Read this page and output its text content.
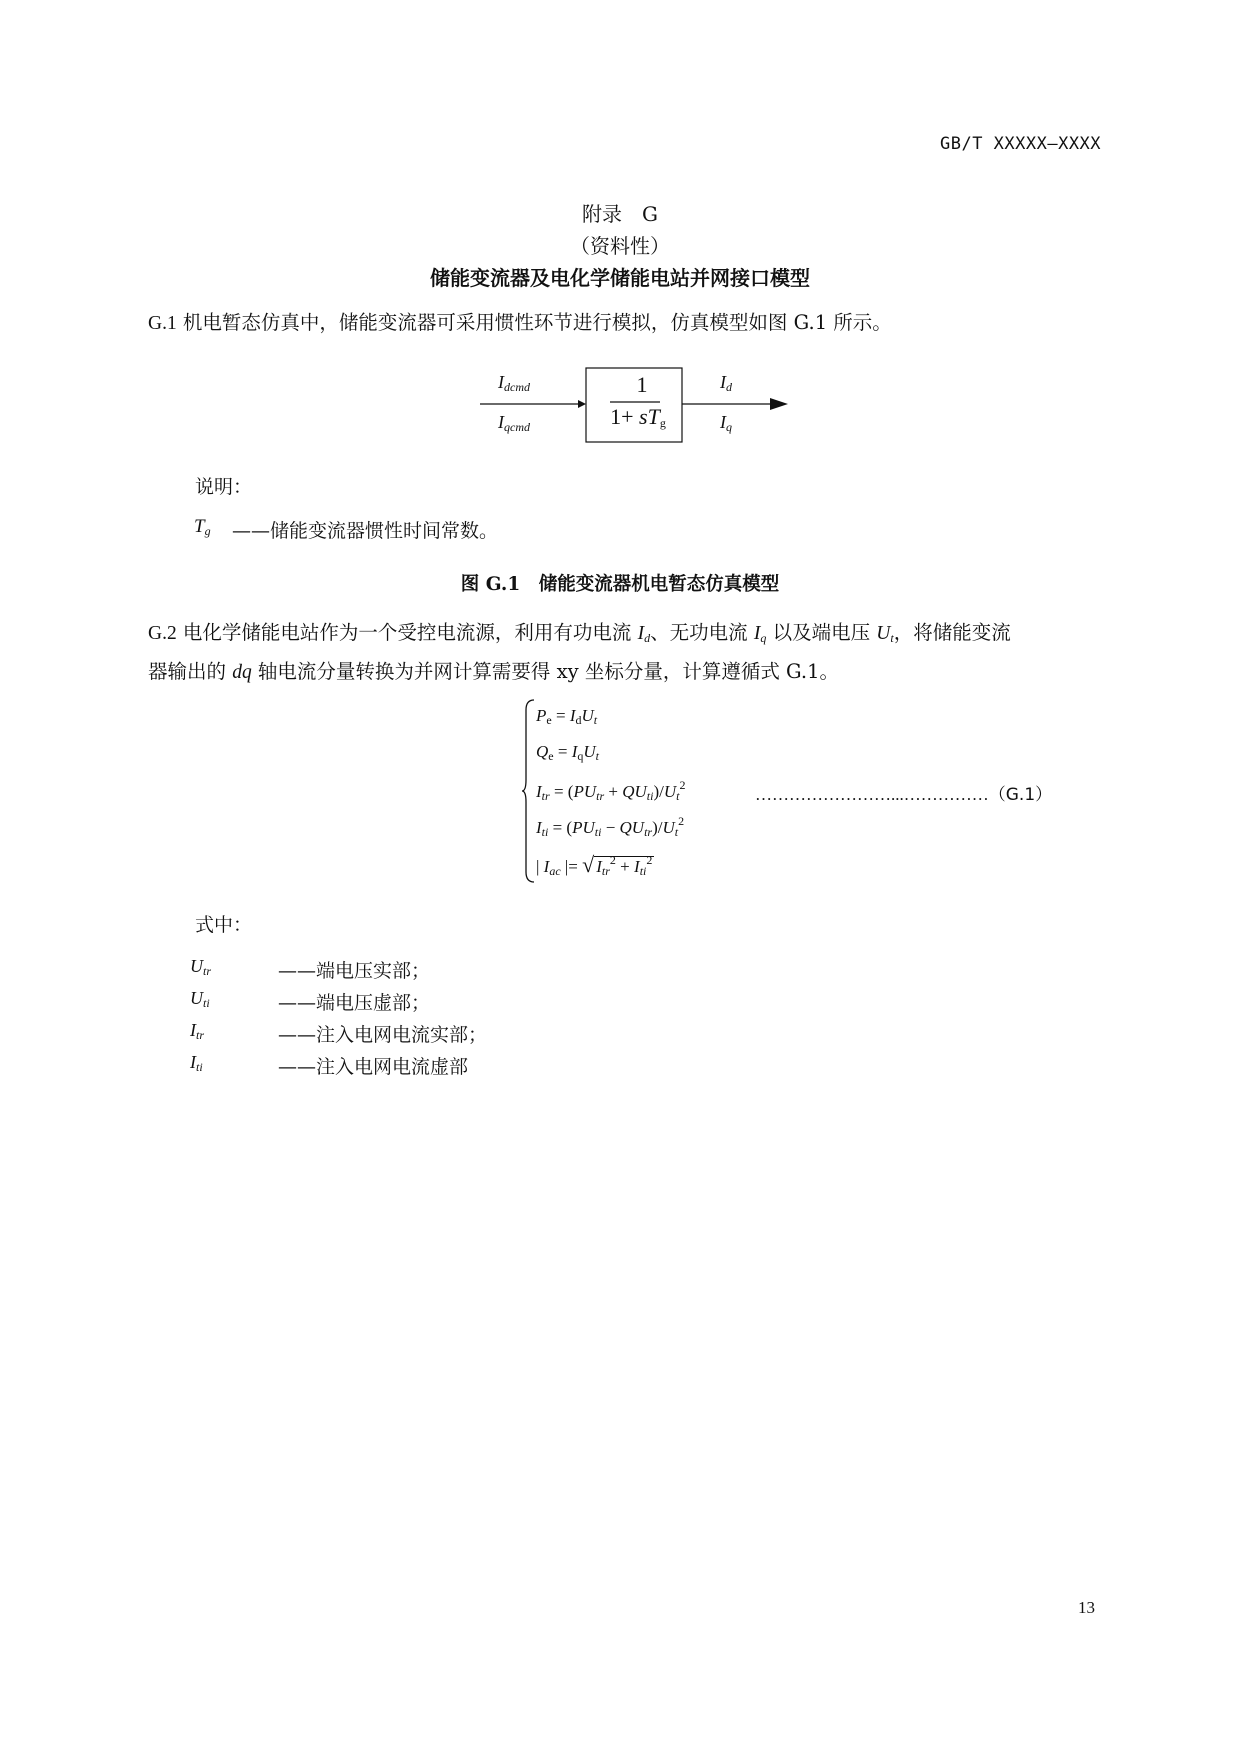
GB/T XXXXX—XXXX
附录　G
（资料性）
储能变流器及电化学储能电站并网接口模型
G.1 机电暂态仿真中，储能变流器可采用惯性环节进行模拟，仿真模型如图 G.1 所示。
$I_{dcmd}$
$I_{qcmd}$
1
$1+ sT_g$
$I_d$
$I_q$
说明：
$T_g$ ——储能变流器惯性时间常数。
图 G.1　储能变流器机电暂态仿真模型
G.2 电化学储能电站作为一个受控电流源，利用有功电流 $I_d$、无功电流 $I_q$ 以及端电压 $U_t$，将储能变流
器输出的 dq 轴电流分量转换为并网计算需要得 xy 坐标分量，计算遵循式 G.1。
$P_e = I_dU_t$
$Q_e = I_qU_t$
$I_{tr} = (PU_{tr} + QU_{ti})/U_t^2$
$I_{ti} = (PU_{ti} - QU_{tr})/U_t^2$
| $I_{ac}$ |= √ $I_{tr}^2 + I_{ti}^2$
……………………...……………（G.1）
式中：
$U_{tr}$	——端电压实部；
$U_{ti}$	——端电压虚部；
$I_{tr}$	——注入电网电流实部；
$I_{ti}$	——注入电网电流虚部
13
